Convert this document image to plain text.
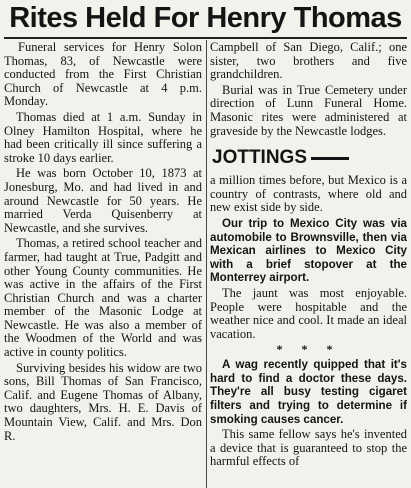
Rites Held For Henry Thomas

Funeral services for Henry Solon Thomas, 83, of Newcastle were conducted from the First Christian Church of Newcastle at 4 p.m. Monday.

Thomas died at 1 a.m. Sunday in Olney Hamilton Hospital, where he had been critically ill since suffering a stroke 10 days earlier.

He was born October 10, 1873 at Jonesburg, Mo. and had lived in and around Newcastle for 50 years. He married Verda Quisenberry at Newcastle, and she survives.

Thomas, a retired school teacher and farmer, had taught at True, Padgitt and other Young County communities. He was active in the affairs of the First Christian Church and was a charter member of the Masonic Lodge at Newcastle. He was also a member of the Woodmen of the World and was active in county politics.

Surviving besides his widow are two sons, Bill Thomas of San Francisco, Calif. and Eugene Thomas of Albany, two daughters, Mrs. H. E. Davis of Mountain View, Calif. and Mrs. Don R.

Campbell of San Diego, Calif.; one sister, two brothers and five grandchildren.

Burial was in True Cemetery under direction of Lunn Funeral Home. Masonic rites were administered at graveside by the Newcastle lodges.

JOTTINGS

a million times before, but Mexico is a country of contrasts, where old and new exist side by side.

Our trip to Mexico City was via automobile to Brownsville, then via Mexican airlines to Mexico City with a brief stopover at the Monterrey airport.

The jaunt was most enjoyable. People were hospitable and the weather nice and cool. It made an ideal vacation.

* * *

A wag recently quipped that it's hard to find a doctor these days. They're all busy testing cigaret filters and trying to determine if smoking causes cancer.

This same fellow says he's invented a device that is guaranteed to stop the harmful effects of
